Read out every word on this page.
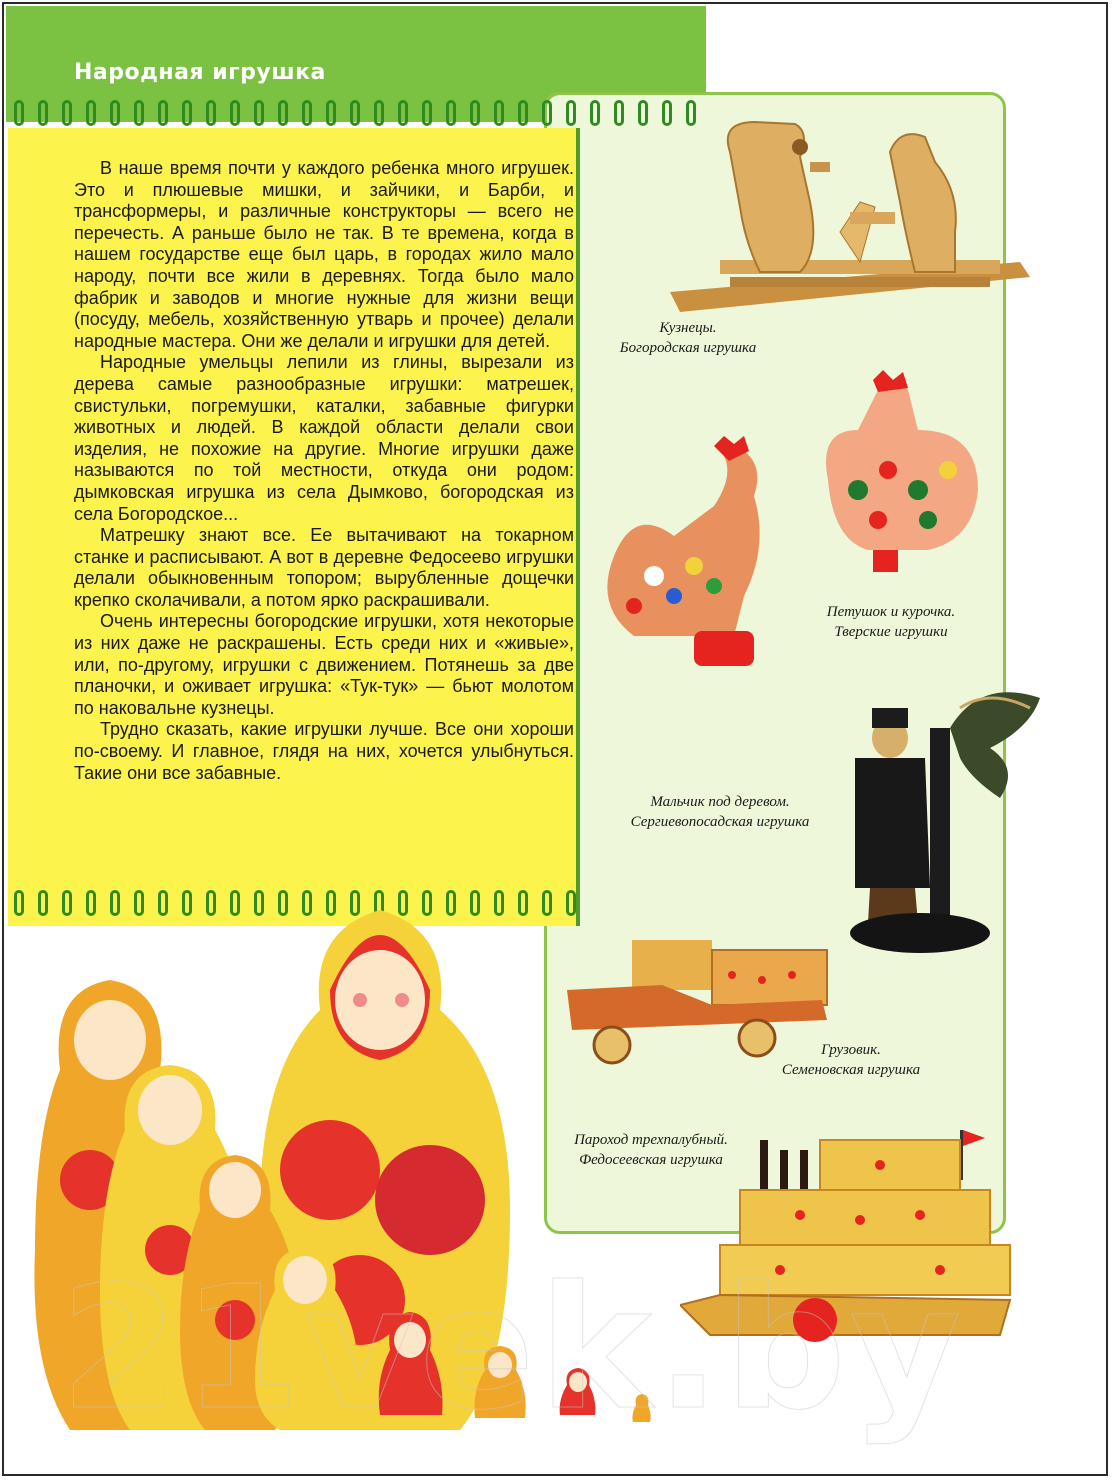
Народная игрушка

В наше время почти у каждого ребенка много игрушек. Это и плюшевые мишки, и зайчики, и Барби, и трансформеры, и различные конструкторы — всего не перечесть. А раньше было не так. В те времена, когда в нашем государстве еще был царь, в городах жило мало народу, почти все жили в деревнях. Тогда было мало фабрик и заводов и многие нужные для жизни вещи (посуду, мебель, хозяйственную утварь и прочее) делали народные мастера. Они же делали и игрушки для детей.

Народные умельцы лепили из глины, вырезали из дерева самые разнообразные игрушки: матрешек, свистульки, погремушки, каталки, забавные фигурки животных и людей. В каждой области делали свои изделия, не похожие на другие. Многие игрушки даже называются по той местности, откуда они родом: дымковская игрушка из села Дымково, богородская из села Богородское...

Матрешку знают все. Ее вытачивают на токарном станке и расписывают. А вот в деревне Федосеево игрушки делали обыкновенным топором; вырубленные дощечки крепко сколачивали, а потом ярко раскрашивали.

Очень интересны богородские игрушки, хотя некоторые из них даже не раскрашены. Есть среди них и «живые», или, по-другому, игрушки с движением. Потянешь за две планочки, и оживает игрушка: «Тук-тук» — бьют молотом по наковальне кузнецы.

Трудно сказать, какие игрушки лучше. Все они хороши по-своему. И главное, глядя на них, хочется улыбнуться. Такие они все забавные.

Кузнецы.
Богородская игрушка
Петушок и курочка.
Тверские игрушки
Мальчик под деревом.
Сергиевопосадская игрушка
Грузовик.
Семеновская игрушка
Пароход трехпалубный.
Федосеевская игрушка
21vek.by
